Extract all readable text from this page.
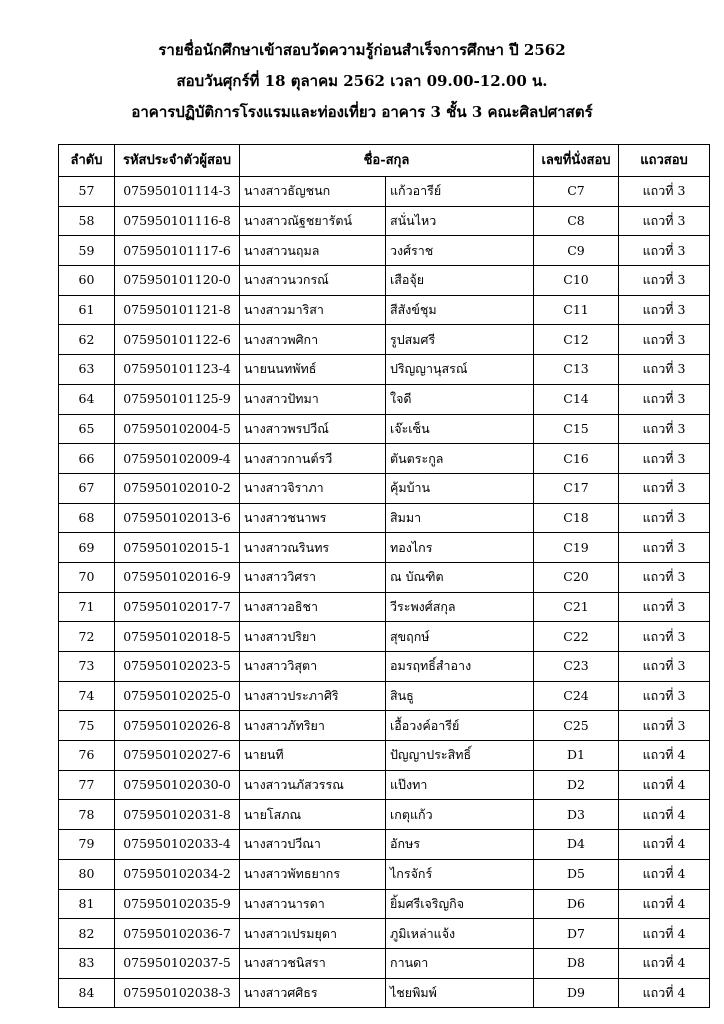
รายชื่อนักศึกษาเข้าสอบวัดความรู้ก่อนสำเร็จการศึกษา ปี 2562
สอบวันศุกร์ที่ 18 ตุลาคม 2562 เวลา 09.00-12.00 น.
อาคารปฏิบัติการโรงแรมและท่องเที่ยว อาคาร 3 ชั้น 3 คณะศิลปศาสตร์
ลำดับ	รหัสประจำตัวผู้สอบ	ชื่อ-สกุล		เลขที่นั่งสอบ	แถวสอบ
57	075950101114-3	นางสาวธัญชนก	แก้วอารีย์	C7	แถวที่ 3
58	075950101116-8	นางสาวณัฐชยารัตน์	สนั่นไหว	C8	แถวที่ 3
59	075950101117-6	นางสาวนฤมล	วงศ์ราช	C9	แถวที่ 3
60	075950101120-0	นางสาวนวกรณ์	เสือจุ้ย	C10	แถวที่ 3
61	075950101121-8	นางสาวมาริสา	สีสังข์ชุม	C11	แถวที่ 3
62	075950101122-6	นางสาวพศิกา	รูปสมศรี	C12	แถวที่ 3
63	075950101123-4	นายนนทพัทธ์	ปริญญานุสรณ์	C13	แถวที่ 3
64	075950101125-9	นางสาวปัทมา	ใจดี	C14	แถวที่ 3
65	075950102004-5	นางสาวพรปวีณ์	เจ๊ะเซ็น	C15	แถวที่ 3
66	075950102009-4	นางสาวกานต์รวี	ตันตระกูล	C16	แถวที่ 3
67	075950102010-2	นางสาวจิราภา	คุ้มบ้าน	C17	แถวที่ 3
68	075950102013-6	นางสาวชนาพร	สิมมา	C18	แถวที่ 3
69	075950102015-1	นางสาวณรินทร	ทองไกร	C19	แถวที่ 3
70	075950102016-9	นางสาววิศรา	ณ บัณฑิต	C20	แถวที่ 3
71	075950102017-7	นางสาวอธิชา	วีระพงศ์สกุล	C21	แถวที่ 3
72	075950102018-5	นางสาวปริยา	สุขฤกษ์	C22	แถวที่ 3
73	075950102023-5	นางสาววิสุตา	อมรฤทธิ์สำอาง	C23	แถวที่ 3
74	075950102025-0	นางสาวประภาศิริ	สินธู	C24	แถวที่ 3
75	075950102026-8	นางสาวภัทริยา	เอื้อวงค์อารีย์	C25	แถวที่ 3
76	075950102027-6	นายนที	ปัญญาประสิทธิ์	D1	แถวที่ 4
77	075950102030-0	นางสาวนภัสวรรณ	แป๊งทา	D2	แถวที่ 4
78	075950102031-8	นายโสภณ	เกตุแก้ว	D3	แถวที่ 4
79	075950102033-4	นางสาวปวีณา	อักษร	D4	แถวที่ 4
80	075950102034-2	นางสาวพัทธยากร	ไกรจักร์	D5	แถวที่ 4
81	075950102035-9	นางสาวนารดา	ยิ้มศรีเจริญกิจ	D6	แถวที่ 4
82	075950102036-7	นางสาวเปรมยุดา	ภูมิเหล่าแจ้ง	D7	แถวที่ 4
83	075950102037-5	นางสาวชนิสรา	กานดา	D8	แถวที่ 4
84	075950102038-3	นางสาวศศิธร	ไชยพิมพ์	D9	แถวที่ 4
